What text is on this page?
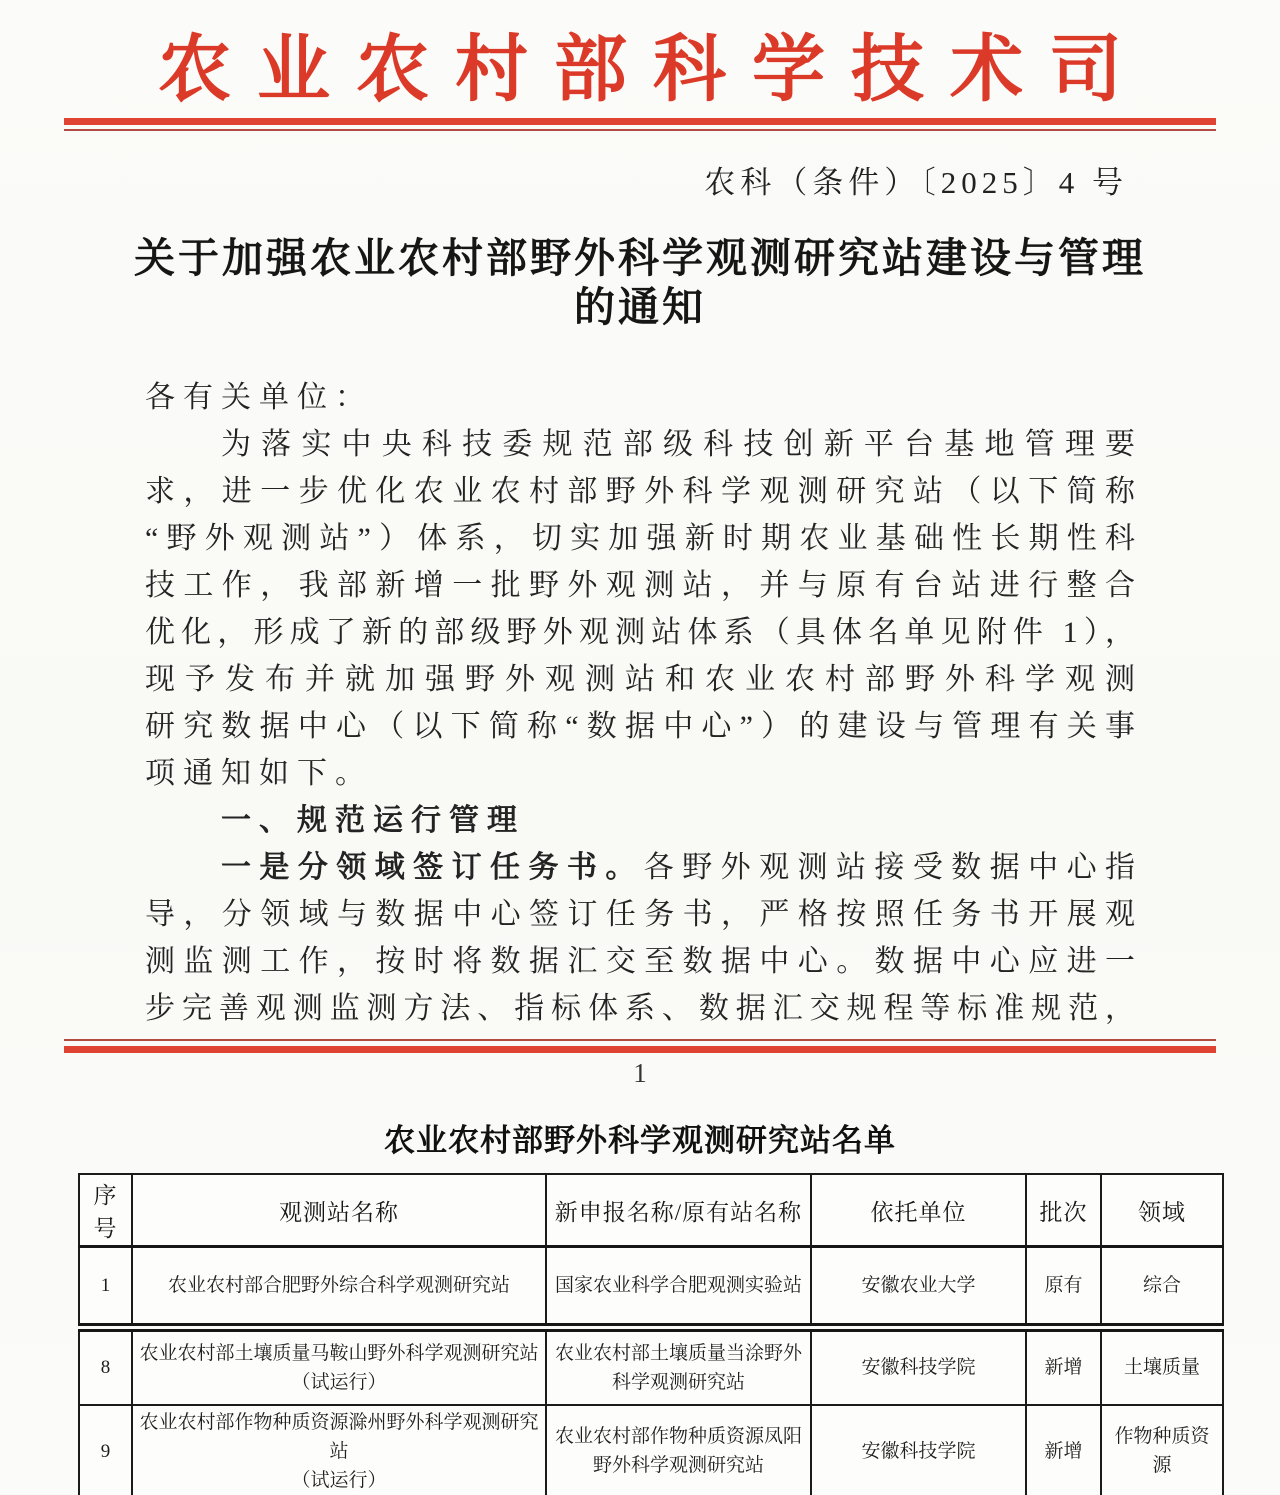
农业农村部科学技术司
农科（条件）〔2025〕4 号
关于加强农业农村部野外科学观测研究站建设与管理
的通知
各有关单位：
为落实中央科技委规范部级科技创新平台基地管理要
求，进一步优化农业农村部野外科学观测研究站（以下简称
“野外观测站”）体系，切实加强新时期农业基础性长期性科
技工作，我部新增一批野外观测站，并与原有台站进行整合
优化，形成了新的部级野外观测站体系（具体名单见附件 1），
现予发布并就加强野外观测站和农业农村部野外科学观测
研究数据中心（以下简称“数据中心”）的建设与管理有关事
项通知如下。
一、规范运行管理
一是分领域签订任务书。各野外观测站接受数据中心指
导，分领域与数据中心签订任务书，严格按照任务书开展观
测监测工作，按时将数据汇交至数据中心。数据中心应进一
步完善观测监测方法、指标体系、数据汇交规程等标准规范，
1
农业农村部野外科学观测研究站名单
序号	观测站名称	新申报名称/原有站名称	依托单位	批次	领域
1	农业农村部合肥野外综合科学观测研究站	国家农业科学合肥观测实验站	安徽农业大学	原有	综合
8	农业农村部土壤质量马鞍山野外科学观测研究站
（试运行）	农业农村部土壤质量当涂野外科学观测研究站	安徽科技学院	新增	土壤质量
9	农业农村部作物种质资源滁州野外科学观测研究站
（试运行）	农业农村部作物种质资源凤阳野外科学观测研究站	安徽科技学院	新增	作物种质资源
